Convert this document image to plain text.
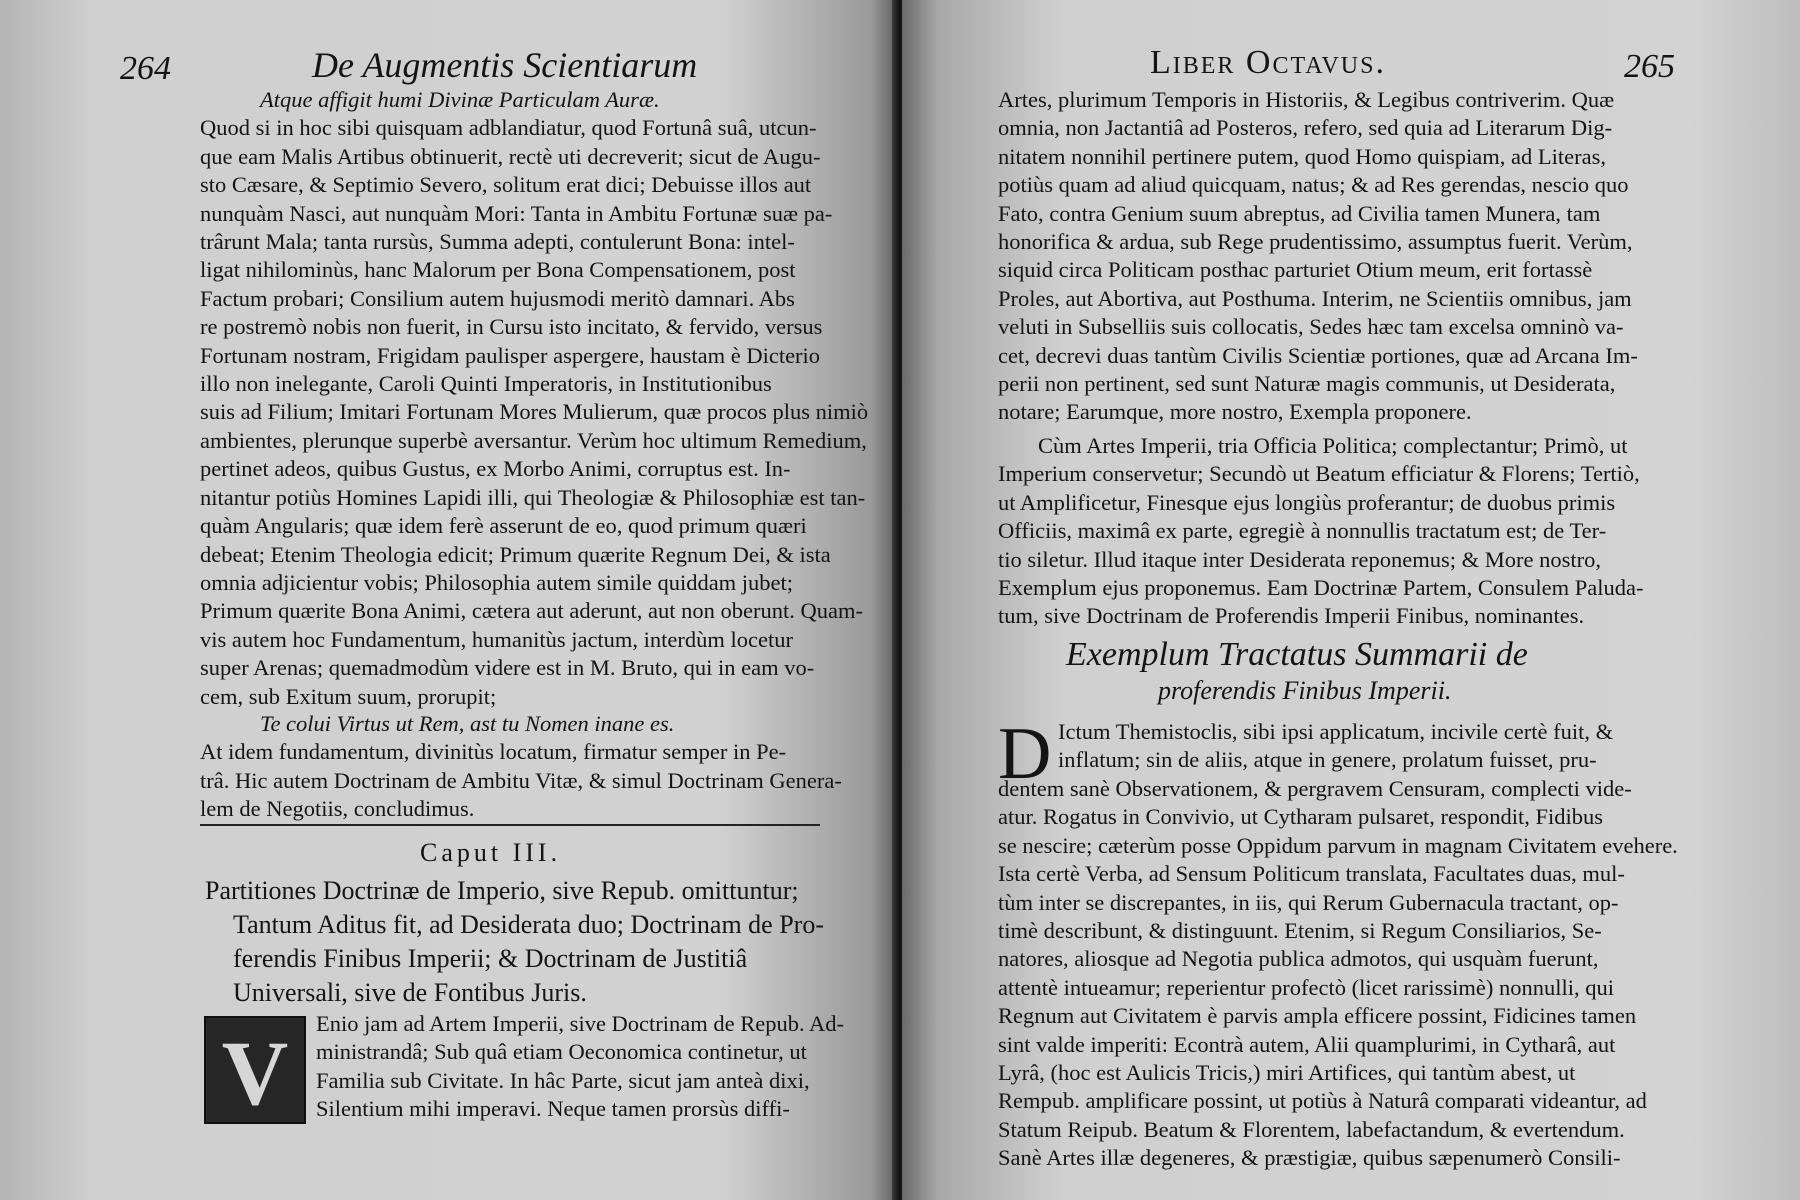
264	De Augmentis Scientiarum
Atque affigit humi Divinæ Particulam Auræ.
Quod si in hoc sibi quisquam adblandiatur, quod Fortunâ suâ, utcun-
que eam Malis Artibus obtinuerit, rectè uti decreverit; sicut de Augu-
sto Cæsare, & Septimio Severo, solitum erat dici; Debuisse illos aut
nunquàm Nasci, aut nunquàm Mori: Tanta in Ambitu Fortunæ suæ pa-
trârunt Mala; tanta rursùs, Summa adepti, contulerunt Bona: intel-
ligat nihilominùs, hanc Malorum per Bona Compensationem, post
Factum probari; Consilium autem hujusmodi meritò damnari. Abs
re postremò nobis non fuerit, in Cursu isto incitato, & fervido, versus
Fortunam nostram, Frigidam paulisper aspergere, haustam è Dicterio
illo non inelegante, Caroli Quinti Imperatoris, in Institutionibus
suis ad Filium; Imitari Fortunam Mores Mulierum, quæ procos plus nimiò
ambientes, plerunque superbè aversantur. Verùm hoc ultimum Remedium,
pertinet adeos, quibus Gustus, ex Morbo Animi, corruptus est. In-
nitantur potiùs Homines Lapidi illi, qui Theologiæ & Philosophiæ est tan-
quàm Angularis; quæ idem ferè asserunt de eo, quod primum quæri
debeat; Etenim Theologia edicit; Primum quærite Regnum Dei, & ista
omnia adjicientur vobis; Philosophia autem simile quiddam jubet;
Primum quærite Bona Animi, cætera aut aderunt, aut non oberunt. Quam-
vis autem hoc Fundamentum, humanitùs jactum, interdùm locetur
super Arenas; quemadmodùm videre est in M. Bruto, qui in eam vo-
cem, sub Exitum suum, prorupit;
Te colui Virtus ut Rem, ast tu Nomen inane es.
At idem fundamentum, divinitùs locatum, firmatur semper in Pe-
trâ. Hic autem Doctrinam de Ambitu Vitæ, & simul Doctrinam Genera-
lem de Negotiis, concludimus.
Caput III.
Partitiones Doctrinæ de Imperio, sive Repub. omittuntur;
Tantum Aditus fit, ad Desiderata duo; Doctrinam de Pro-
ferendis Finibus Imperii; & Doctrinam de Justitiâ
Universali, sive de Fontibus Juris.
V	Enio jam ad Artem Imperii, sive Doctrinam de Repub. Ad-
ministrandâ; Sub quâ etiam Oeconomica continetur, ut
Familia sub Civitate. In hâc Parte, sicut jam anteà dixi,
Silentium mihi imperavi. Neque tamen prorsùs diffi-
Liber Octavus.	265
Artes, plurimum Temporis in Historiis, & Legibus contriverim. Quæ
omnia, non Jactantiâ ad Posteros, refero, sed quia ad Literarum Dig-
nitatem nonnihil pertinere putem, quod Homo quispiam, ad Literas,
potiùs quam ad aliud quicquam, natus; & ad Res gerendas, nescio quo
Fato, contra Genium suum abreptus, ad Civilia tamen Munera, tam
honorifica & ardua, sub Rege prudentissimo, assumptus fuerit. Verùm,
siquid circa Politicam posthac parturiet Otium meum, erit fortassè
Proles, aut Abortiva, aut Posthuma. Interim, ne Scientiis omnibus, jam
veluti in Subselliis suis collocatis, Sedes hæc tam excelsa omninò va-
cet, decrevi duas tantùm Civilis Scientiæ portiones, quæ ad Arcana Im-
perii non pertinent, sed sunt Naturæ magis communis, ut Desiderata,
notare; Earumque, more nostro, Exempla proponere.
Cùm Artes Imperii, tria Officia Politica; complectantur; Primò, ut
Imperium conservetur; Secundò ut Beatum efficiatur & Florens; Tertiò,
ut Amplificetur, Finesque ejus longiùs proferantur; de duobus primis
Officiis, maximâ ex parte, egregiè à nonnullis tractatum est; de Ter-
tio siletur. Illud itaque inter Desiderata reponemus; & More nostro,
Exemplum ejus proponemus. Eam Doctrinæ Partem, Consulem Paluda-
tum, sive Doctrinam de Proferendis Imperii Finibus, nominantes.
Exemplum Tractatus Summarii de
proferendis Finibus Imperii.
D Ictum Themistoclis, sibi ipsi applicatum, incivile certè fuit, &
inflatum; sin de aliis, atque in genere, prolatum fuisset, pru-
dentem sanè Observationem, & pergravem Censuram, complecti vide-
atur. Rogatus in Convivio, ut Cytharam pulsaret, respondit, Fidibus
se nescire; cæterùm posse Oppidum parvum in magnam Civitatem evehere.
Ista certè Verba, ad Sensum Politicum translata, Facultates duas, mul-
tùm inter se discrepantes, in iis, qui Rerum Gubernacula tractant, op-
timè describunt, & distinguunt. Etenim, si Regum Consiliarios, Se-
natores, aliosque ad Negotia publica admotos, qui usquàm fuerunt,
attentè intueamur; reperientur profectò (licet rarissimè) nonnulli, qui
Regnum aut Civitatem è parvis ampla efficere possint, Fidicines tamen
sint valde imperiti: Econtrà autem, Alii quamplurimi, in Cytharâ, aut
Lyrâ, (hoc est Aulicis Tricis,) miri Artifices, qui tantùm abest, ut
Rempub. amplificare possint, ut potiùs à Naturâ comparati videantur, ad
Statum Reipub. Beatum & Florentem, labefactandum, & evertendum.
Sanè Artes illæ degeneres, & præstigiæ, quibus sæpenumerò Consili-
